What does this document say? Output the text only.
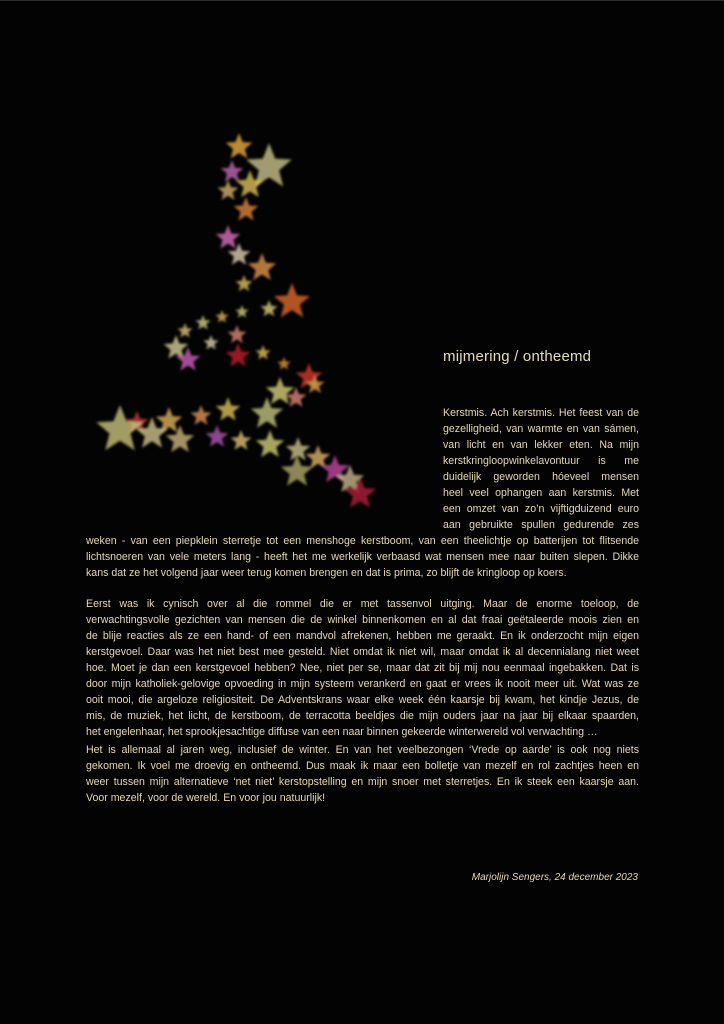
mijmering / ontheemd
Kerstmis. Ach kerstmis. Het feest van de
gezelligheid, van warmte en van sámen,
van licht en van lekker eten. Na mijn
kerstkringloopwinkelavontuur is me
duidelijk geworden hóeveel mensen
heel veel ophangen aan kerstmis. Met
een omzet van zo’n vijftigduizend euro
aan gebruikte spullen gedurende zes
weken - van een piepklein sterretje tot een menshoge kerstboom, van een theelichtje op batterijen tot flitsende
lichtsnoeren van vele meters lang - heeft het me werkelijk verbaasd wat mensen mee naar buiten slepen. Dikke
kans dat ze het volgend jaar weer terug komen brengen en dat is prima, zo blijft de kringloop op koers.
Eerst was ik cynisch over al die rommel die er met tassenvol uitging. Maar de enorme toeloop, de
verwachtingsvolle gezichten van mensen die de winkel binnenkomen en al dat fraai geëtaleerde moois zien en
de blije reacties als ze een hand- of een mandvol afrekenen, hebben me geraakt. En ik onderzocht mijn eigen
kerstgevoel. Daar was het niet best mee gesteld. Niet omdat ik niet wil, maar omdat ik al decennialang niet weet
hoe. Moet je dan een kerstgevoel hebben? Nee, niet per se, maar dat zit bij mij nou eenmaal ingebakken. Dat is
door mijn katholiek-gelovige opvoeding in mijn systeem verankerd en gaat er vrees ik nooit meer uit. Wat was ze
ooit mooi, die argeloze religiositeit. De Adventskrans waar elke week één kaarsje bij kwam, het kindje Jezus, de
mis, de muziek, het licht, de kerstboom, de terracotta beeldjes die mijn ouders jaar na jaar bij elkaar spaarden,
het engelenhaar, het sprookjesachtige diffuse van een naar binnen gekeerde winterwereld vol verwachting …
Het is allemaal al jaren weg, inclusief de winter. En van het veelbezongen ‘Vrede op aarde’ is ook nog niets
gekomen. Ik voel me droevig en ontheemd. Dus maak ik maar een bolletje van mezelf en rol zachtjes heen en
weer tussen mijn alternatieve ‘net niet’ kerstopstelling en mijn snoer met sterretjes. En ik steek een kaarsje aan.
Voor mezelf, voor de wereld. En voor jou natuurlijk!
Marjolijn Sengers, 24 december 2023
